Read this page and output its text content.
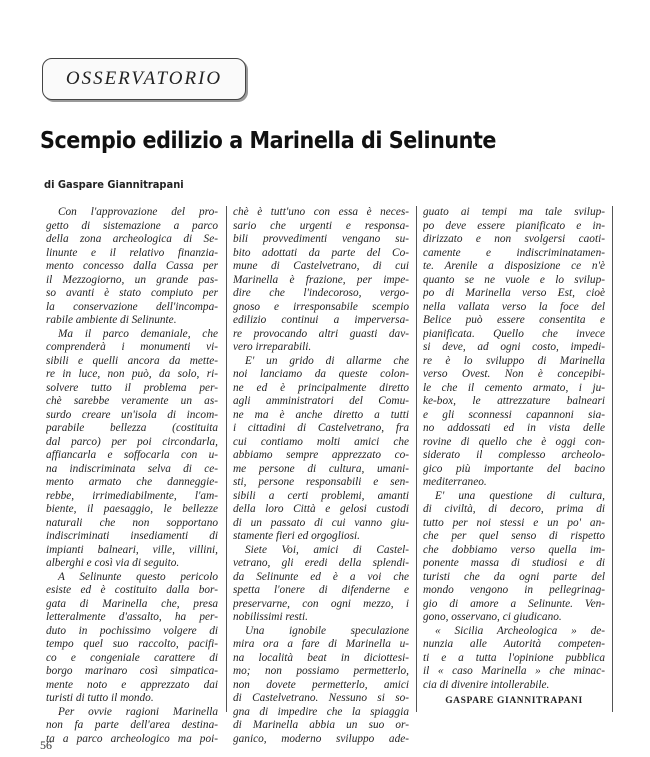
OSSERVATORIO
Scempio edilizio a Marinella di Selinunte
di Gaspare Giannitrapani
Con l'approvazione del pro-
getto di sistemazione a parco
della zona archeologica di Se-
linunte e il relativo finanzia-
mento concesso dalla Cassa per
il Mezzogiorno, un grande pas-
so avanti è stato compiuto per
la conservazione dell'incompa-
rabile ambiente di Selinunte.
Ma il parco demaniale, che
comprenderà i monumenti vi-
sibili e quelli ancora da mette-
re in luce, non può, da solo, ri-
solvere tutto il problema per-
chè sarebbe veramente un as-
surdo creare un'isola di incom-
parabile bellezza (costituita
dal parco) per poi circondarla,
affiancarla e soffocarla con u-
na indiscriminata selva di ce-
mento armato che danneggie-
rebbe, irrimediabilmente, l'am-
biente, il paesaggio, le bellezze
naturali che non sopportano
indiscriminati insediamenti di
impianti balneari, ville, villini,
alberghi e così via di seguito.
A Selinunte questo pericolo
esiste ed è costituito dalla bor-
gata di Marinella che, presa
letteralmente d'assalto, ha per-
duto in pochissimo volgere di
tempo quel suo raccolto, pacifi-
co e congeniale carattere di
borgo marinaro così simpatica-
mente noto e apprezzato dai
turisti di tutto il mondo.
Per ovvie ragioni Marinella
non fa parte dell'area destina-
ta a parco archeologico ma poi-
chè è tutt'uno con essa è neces-
sario che urgenti e responsa-
bili provvedimenti vengano su-
bito adottati da parte del Co-
mune di Castelvetrano, di cui
Marinella è frazione, per impe-
dire che l'indecoroso, vergo-
gnoso e irresponsabile scempio
edilizio continui a imperversa-
re provocando altri guasti dav-
vero irreparabili.
E' un grido di allarme che
noi lanciamo da queste colon-
ne ed è principalmente diretto
agli amministratori del Comu-
ne ma è anche diretto a tutti
i cittadini di Castelvetrano, fra
cui contiamo molti amici che
abbiamo sempre apprezzato co-
me persone di cultura, umani-
sti, persone responsabili e sen-
sibili a certi problemi, amanti
della loro Città e gelosi custodi
di un passato di cui vanno giu-
stamente fieri ed orgogliosi.
Siete Voi, amici di Castel-
vetrano, gli eredi della splendi-
da Selinunte ed è a voi che
spetta l'onere di difenderne e
preservarne, con ogni mezzo, i
nobilissimi resti.
Una ignobile speculazione
mira ora a fare di Marinella u-
na località beat in diciottesi-
mo; non possiamo permetterlo,
non dovete permetterlo, amici
di Castelvetrano. Nessuno si so-
gna di impedire che la spiaggia
di Marinella abbia un suo or-
ganico, moderno sviluppo ade-
guato ai tempi ma tale svilup-
po deve essere pianificato e in-
dirizzato e non svolgersi caoti-
camente e indiscriminatamen-
te. Arenile a disposizione ce n'è
quanto se ne vuole e lo svilup-
po di Marinella verso Est, cioè
nella vallata verso la foce del
Belice può essere consentita e
pianificata. Quello che invece
si deve, ad ogni costo, impedi-
re è lo sviluppo di Marinella
verso Ovest. Non è concepibi-
le che il cemento armato, i ju-
ke-box, le attrezzature balneari
e gli sconnessi capannoni sia-
no addossati ed in vista delle
rovine di quello che è oggi con-
siderato il complesso archeolo-
gico più importante del bacino
mediterraneo.
E' una questione di cultura,
di civiltà, di decoro, prima di
tutto per noi stessi e un po' an-
che per quel senso di rispetto
che dobbiamo verso quella im-
ponente massa di studiosi e di
turisti che da ogni parte del
mondo vengono in pellegrinag-
gio di amore a Selinunte. Ven-
gono, osservano, ci giudicano.
« Sicilia Archeologica » de-
nunzia alle Autorità competen-
ti e a tutta l'opinione pubblica
il « caso Marinella » che minac-
cia di divenire intollerabile.
GASPARE GIANNITRAPANI
56
